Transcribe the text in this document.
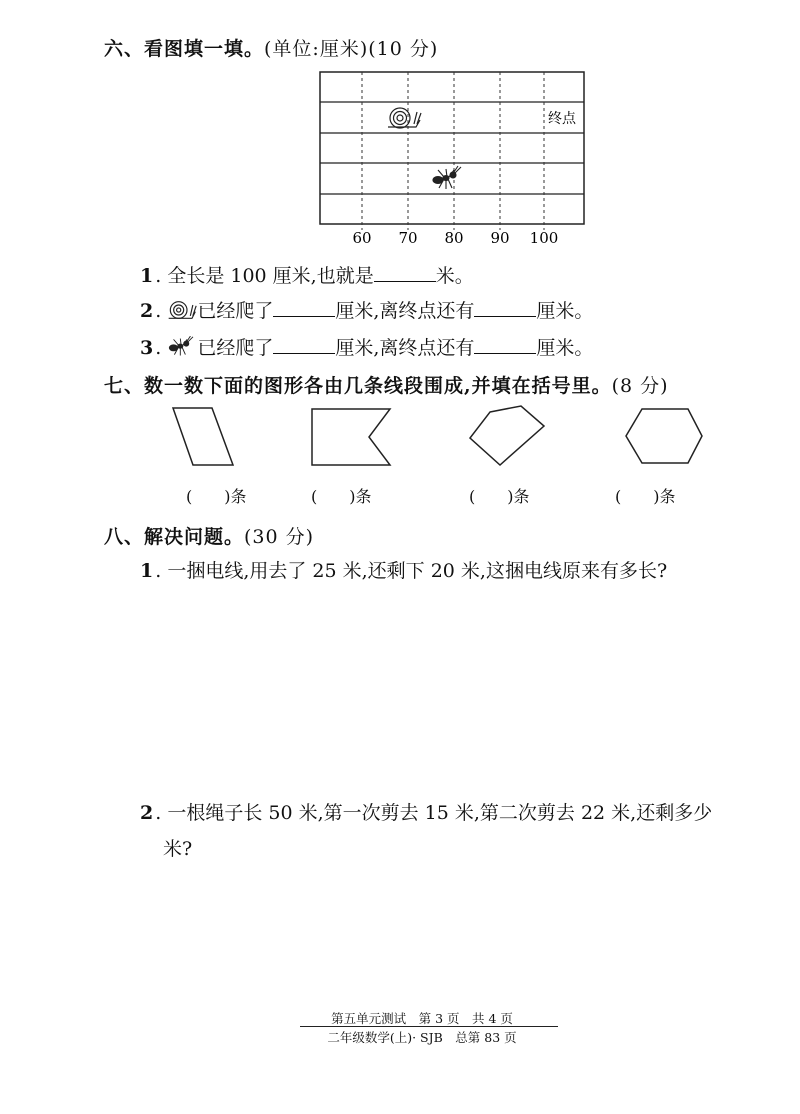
六、看图填一填。(单位:厘米)(10 分)
60 70 80 90 100
终点
1 . 全长是 100 厘米,也就是	米。
2 . 已经爬了	厘米,离终点还有	厘米。
3 . 已经爬了	厘米,离终点还有	厘米。
七、数一数下面的图形各由几条线段围成,并填在括号里。(8 分)
(　　)条	(　　)条	(　　)条	(　　)条
八、解决问题。(30 分)
1 . 一捆电线,用去了 25 米,还剩下 20 米,这捆电线原来有多长?
2 . 一根绳子长 50 米,第一次剪去 15 米,第二次剪去 22 米,还剩多少
米?
第五单元测试　第 3 页　共 4 页
二年级数学(上)· SJB　总第 83 页
